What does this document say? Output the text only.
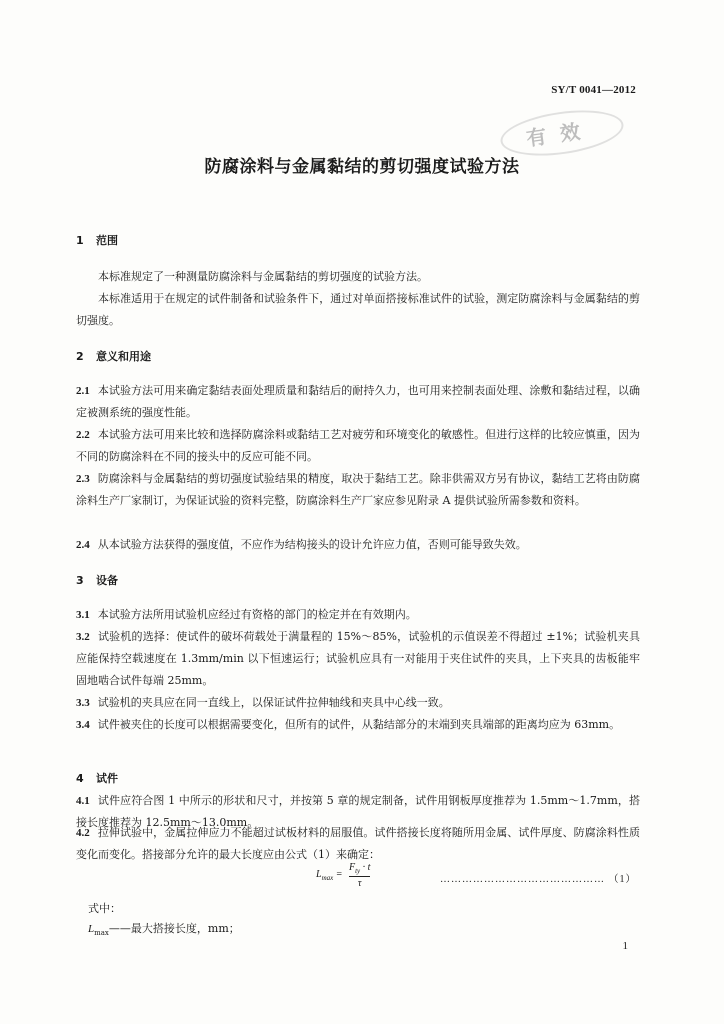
SY/T 0041—2012
有效
防腐涂料与金属黏结的剪切强度试验方法
1 范围
本标准规定了一种测量防腐涂料与金属黏结的剪切强度的试验方法。
本标准适用于在规定的试件制备和试验条件下，通过对单面搭接标准试件的试验，测定防腐涂料与金属黏结的剪切强度。
2 意义和用途
2.1 本试验方法可用来确定黏结表面处理质量和黏结后的耐持久力，也可用来控制表面处理、涂敷和黏结过程，以确定被测系统的强度性能。
2.2 本试验方法可用来比较和选择防腐涂料或黏结工艺对疲劳和环境变化的敏感性。但进行这样的比较应慎重，因为不同的防腐涂料在不同的接头中的反应可能不同。
2.3 防腐涂料与金属黏结的剪切强度试验结果的精度，取决于黏结工艺。除非供需双方另有协议，黏结工艺将由防腐涂料生产厂家制订，为保证试验的资料完整，防腐涂料生产厂家应参见附录 A 提供试验所需参数和资料。
2.4 从本试验方法获得的强度值，不应作为结构接头的设计允许应力值，否则可能导致失效。
3 设备
3.1 本试验方法所用试验机应经过有资格的部门的检定并在有效期内。
3.2 试验机的选择：使试件的破坏荷载处于满量程的 15%～85%，试验机的示值误差不得超过 ±1%；试验机夹具应能保持空载速度在 1.3mm/min 以下恒速运行；试验机应具有一对能用于夹住试件的夹具，上下夹具的齿板能牢固地啮合试件每端 25mm。
3.3 试验机的夹具应在同一直线上，以保证试件拉伸轴线和夹具中心线一致。
3.4 试件被夹住的长度可以根据需要变化，但所有的试件，从黏结部分的末端到夹具端部的距离均应为 63mm。
4 试件
4.1 试件应符合图 1 中所示的形状和尺寸，并按第 5 章的规定制备，试件用钢板厚度推荐为 1.5mm～1.7mm，搭接长度推荐为 12.5mm～13.0mm。
4.2 拉伸试验中，金属拉伸应力不能超过试板材料的屈服值。试件搭接长度将随所用金属、试件厚度、防腐涂料性质变化而变化。搭接部分允许的最大长度应由公式（1）来确定：
$L_{max} = \frac{F_{ty} \cdot t}{\tau}$	……………………………………… （1）
式中：
$L_{max}——$最大搭接长度，mm；
1
